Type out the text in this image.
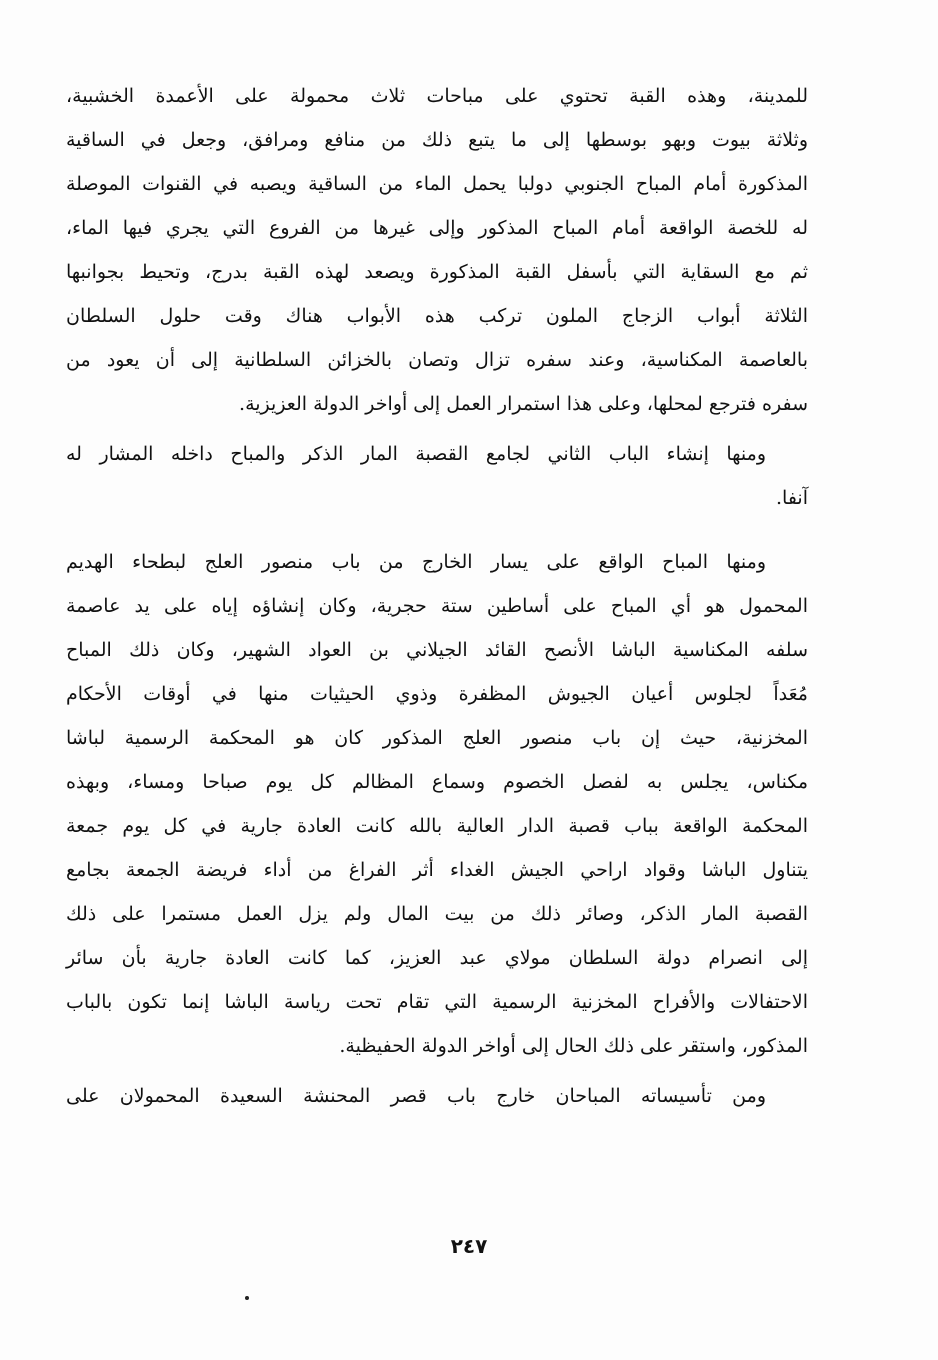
للمدينة، وهذه القبة تحتوي على مباحات ثلاث محمولة على الأعمدة الخشبية،
وثلاثة بيوت وبهو بوسطها إلى ما يتبع ذلك من منافع ومرافق، وجعل في الساقية
المذكورة أمام المباح الجنوبي دولبا يحمل الماء من الساقية ويصبه في القنوات الموصلة
له للخصة الواقعة أمام المباح المذكور وإلى غيرها من الفروع التي يجري فيها الماء،
ثم مع السقاية التي بأسفل القبة المذكورة ويصعد لهذه القبة بدرج، وتحيط بجوانبها
الثلاثة أبواب الزجاج الملون تركب هذه الأبواب هناك وقت حلول السلطان
بالعاصمة المكناسية، وعند سفره تزال وتصان بالخزائن السلطانية إلى أن يعود من
سفره فترجع لمحلها، وعلى هذا استمرار العمل إلى أواخر الدولة العزيزية.
ومنها إنشاء الباب الثاني لجامع القصبة المار الذكر والمباح داخله المشار له
آنفا.
ومنها المباح الواقع على يسار الخارج من باب منصور العلج لبطحاء الهديم
المحمول هو أي المباح على أساطين ستة حجرية، وكان إنشاؤه إياه على يد عاصمة
سلفه المكناسية الباشا الأنصح القائد الجيلاني بن العواد الشهير، وكان ذلك المباح
مُعَداً لجلوس أعيان الجيوش المظفرة وذوي الحيثيات منها في أوقات الأحكام
المخزنية، حيث إن باب منصور العلج المذكور كان هو المحكمة الرسمية لباشا
مكناس، يجلس به لفصل الخصوم وسماع المظالم كل يوم صباحا ومساء، وبهذه
المحكمة الواقعة بباب قصبة الدار العالية بالله كانت العادة جارية في كل يوم جمعة
يتناول الباشا وقواد اراحي الجيش الغداء أثر الفراغ من أداء فريضة الجمعة بجامع
القصبة المار الذكر، وصائر ذلك من بيت المال ولم يزل العمل مستمرا على ذلك
إلى انصرام دولة السلطان مولاي عبد العزيز، كما كانت العادة جارية بأن سائر
الاحتفالات والأفراح المخزنية الرسمية التي تقام تحت رياسة الباشا إنما تكون بالباب
المذكور، واستقر على ذلك الحال إلى أواخر الدولة الحفيظية.
ومن تأسيساته المباحان خارج باب قصر المحنشة السعيدة المحمولان على
٢٤٧
